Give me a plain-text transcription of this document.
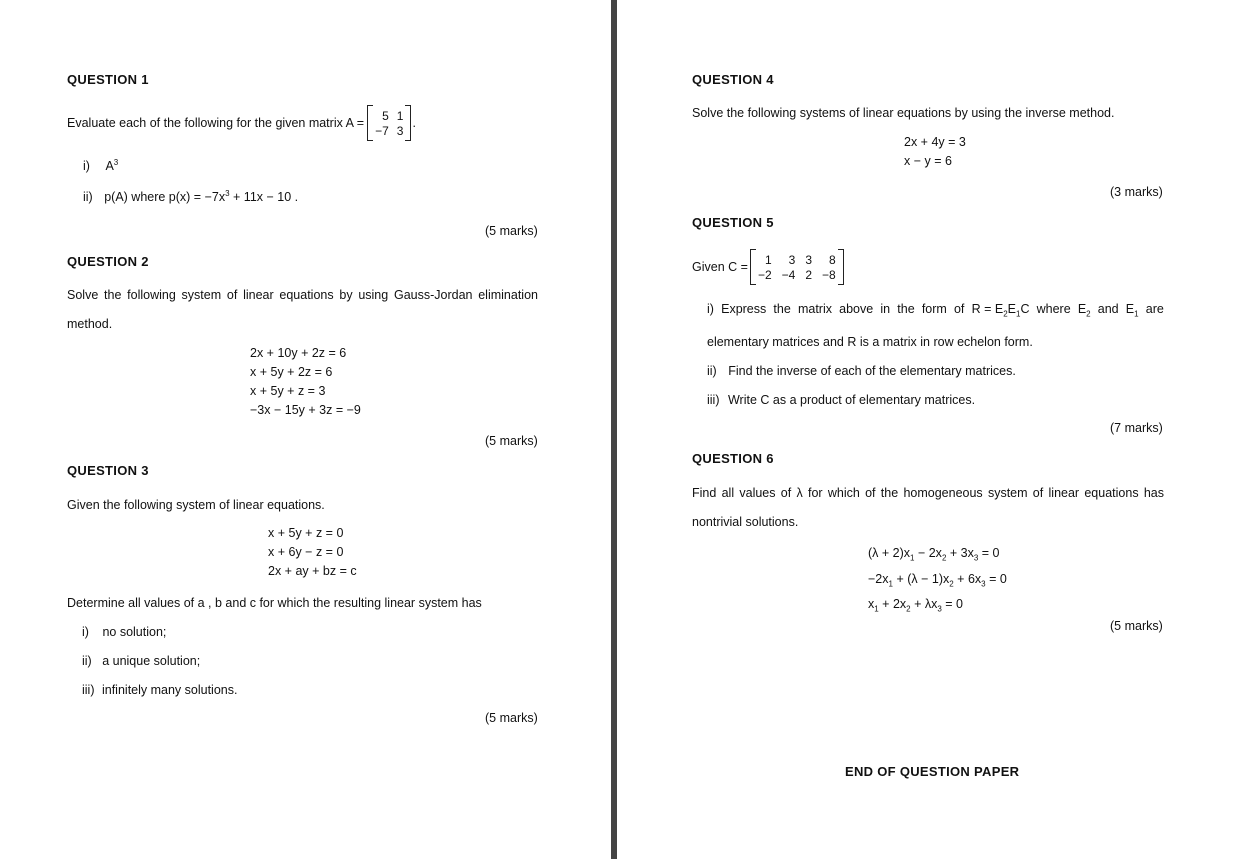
QUESTION 1
Evaluate each of the following for the given matrix A =
5 1
−7 3
.
i) $A^3$
ii) p(A) where $p(x) = -7x^3 + 11x - 10$ .
(5 marks)
QUESTION 2
Solve the following system of linear equations by using Gauss-Jordan elimination
method.
2x + 10y + 2z = 6
x + 5y + 2z = 6
x + 5y + z = 3
−3x − 15y + 3z = −9
(5 marks)
QUESTION 3
Given the following system of linear equations.
x + 5y + z = 0
x + 6y − z = 0
2x + ay + bz = c
Determine all values of a , b and c for which the resulting linear system has
i) no solution;
ii) a unique solution;
iii) infinitely many solutions.
(5 marks)
QUESTION 4
Solve the following systems of linear equations by using the inverse method.
2x + 4y = 3
x − y = 6
(3 marks)
QUESTION 5
Given C =
1	3 3	8
−2 −4 2 −8
i) Express the matrix above in the form of $R = E_2E_1C$ where $E_2$ and $E_1$ are
elementary matrices and R is a matrix in row echelon form.
ii) Find the inverse of each of the elementary matrices.
iii) Write C as a product of elementary matrices.
(7 marks)
QUESTION 6
Find all values of λ for which of the homogeneous system of linear equations has
nontrivial solutions.
$(\lambda + 2)x_1 - 2x_2 + 3x_3 = 0$
$-2x_1 + (\lambda - 1)x_2 + 6x_3 = 0$
$x_1 + 2x_2 + \lambda x_3 = 0$
(5 marks)
END OF QUESTION PAPER
